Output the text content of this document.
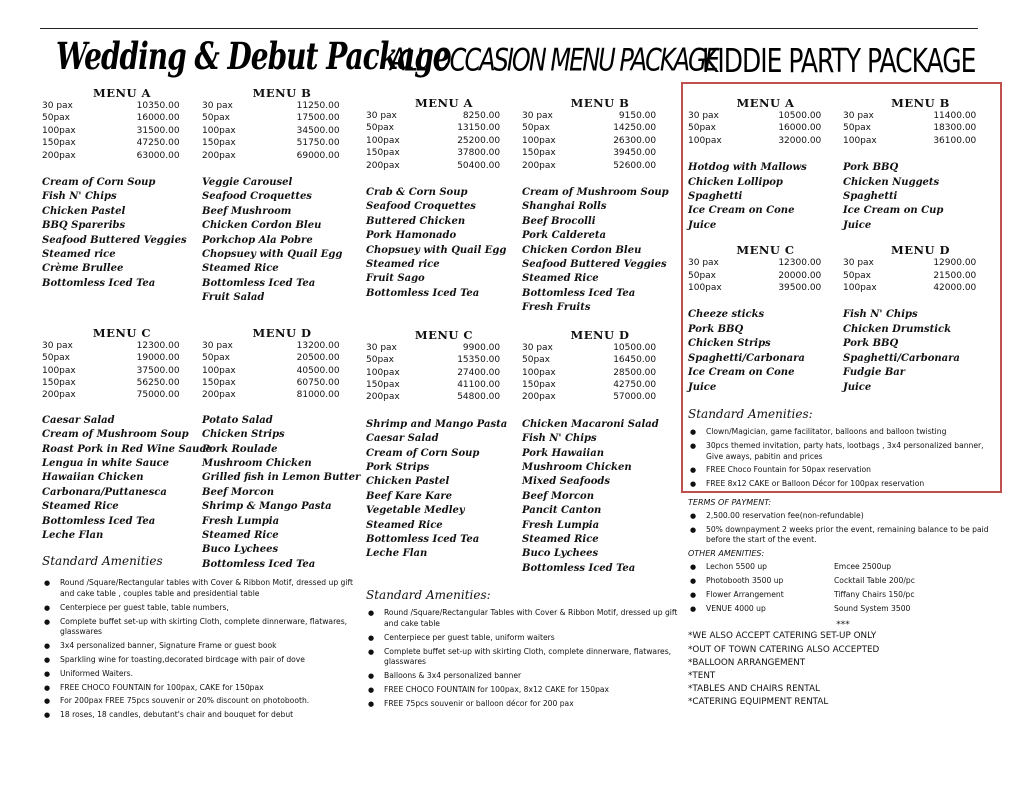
Wedding & Debut Package
MENU A
30 pax	10350.00
50pax	16000.00
100pax	31500.00
150pax	47250.00
200pax	63000.00
MENU B
30 pax	11250.00
50pax	17500.00
100pax	34500.00
150pax	51750.00
200pax	69000.00
Cream of Corn Soup
Fish N' Chips
Chicken Pastel
BBQ Spareribs
Seafood Buttered Veggies
Steamed rice
Crème Brullee
Bottomless Iced Tea
Veggie Carousel
Seafood Croquettes
Beef Mushroom
Chicken Cordon Bleu
Porkchop Ala Pobre
Chopsuey with Quail Egg
Steamed Rice
Bottomless Iced Tea
Fruit Salad
MENU C
30 pax	12300.00
50pax	19000.00
100pax	37500.00
150pax	56250.00
200pax	75000.00
MENU D
30 pax	13200.00
50pax	20500.00
100pax	40500.00
150pax	60750.00
200pax	81000.00
Caesar Salad
Cream of Mushroom Soup
Roast Pork in Red Wine Sauce
Lengua in white Sauce
Hawaiian Chicken
Carbonara/Puttanesca
Steamed Rice
Bottomless Iced Tea
Leche Flan
Potato Salad
Chicken Strips
Pork Roulade
Mushroom Chicken
Grilled fish in Lemon Butter
Beef Morcon
Shrimp & Mango Pasta
Fresh Lumpia
Steamed Rice
Buco Lychees
Bottomless Iced Tea
Standard Amenities
● Round /Square/Rectangular tables with Cover & Ribbon Motif, dressed up gift and cake table , couples table and presidential table
● Centerpiece per guest table, table numbers,
● Complete buffet set-up with skirting Cloth, complete dinnerware, flatwares, glasswares
● 3x4 personalized banner, Signature Frame or guest book
● Sparkling wine for toasting,decorated birdcage with pair of dove
● Uniformed Waiters.
● FREE CHOCO FOUNTAIN for 100pax, CAKE for 150pax
● For 200pax FREE 75pcs souvenir or 20% discount on photobooth.
● 18 roses, 18 candles, debutant's chair and bouquet for debut
ALL OCCASION MENU PACKAGE
MENU A
30 pax	8250.00
50pax	13150.00
100pax	25200.00
150pax	37800.00
200pax	50400.00
MENU B
30 pax	9150.00
50pax	14250.00
100pax	26300.00
150pax	39450.00
200pax	52600.00
Crab & Corn Soup
Seafood Croquettes
Buttered Chicken
Pork Hamonado
Chopsuey with Quail Egg
Steamed rice
Fruit Sago
Bottomless Iced Tea
Cream of Mushroom Soup
Shanghai Rolls
Beef Brocolli
Pork Caldereta
Chicken Cordon Bleu
Seafood Buttered Veggies
Steamed Rice
Bottomless Iced Tea
Fresh Fruits
MENU C
30 pax	9900.00
50pax	15350.00
100pax	27400.00
150pax	41100.00
200pax	54800.00
MENU D
30 pax	10500.00
50pax	16450.00
100pax	28500.00
150pax	42750.00
200pax	57000.00
Shrimp and Mango Pasta
Caesar Salad
Cream of Corn Soup
Pork Strips
Chicken Pastel
Beef Kare Kare
Vegetable Medley
Steamed Rice
Bottomless Iced Tea
Leche Flan
Chicken Macaroni Salad
Fish N' Chips
Pork Hawaiian
Mushroom Chicken
Mixed Seafoods
Beef Morcon
Pancit Canton
Fresh Lumpia
Steamed Rice
Buco Lychees
Bottomless Iced Tea
Standard Amenities:
● Round /Square/Rectangular Tables with Cover & Ribbon Motif, dressed up gift and cake table
● Centerpiece per guest table, uniform waiters
● Complete buffet set-up with skirting Cloth, complete dinnerware, flatwares, glasswares
● Balloons & 3x4 personalized banner
● FREE CHOCO FOUNTAIN for 100pax, 8x12 CAKE for 150pax
● FREE 75pcs souvenir or balloon décor for 200 pax
KIDDIE PARTY PACKAGE
MENU A
30 pax	10500.00
50pax	16000.00
100pax	32000.00
MENU B
30 pax	11400.00
50pax	18300.00
100pax	36100.00
Hotdog with Mallows
Chicken Lollipop
Spaghetti
Ice Cream on Cone
Juice
Pork BBQ
Chicken Nuggets
Spaghetti
Ice Cream on Cup
Juice
MENU C
30 pax	12300.00
50pax	20000.00
100pax	39500.00
MENU D
30 pax	12900.00
50pax	21500.00
100pax	42000.00
Cheeze sticks
Pork BBQ
Chicken Strips
Spaghetti/Carbonara
Ice Cream on Cone
Juice
Fish N' Chips
Chicken Drumstick
Pork BBQ
Spaghetti/Carbonara
Fudgie Bar
Juice
Standard Amenities:
● Clown/Magician, game facilitator, balloons and balloon twisting
● 30pcs themed invitation, party hats, lootbags , 3x4 personalized banner, Give aways, pabitin and prices
● FREE Choco Fountain for 50pax reservation
● FREE 8x12 CAKE or Balloon Décor for 100pax reservation
TERMS OF PAYMENT:
● 2,500.00 reservation fee(non-refundable)
● 50% downpayment 2 weeks prior the event, remaining balance to be paid before the start of the event.
OTHER AMENITIES:
● Lechon 5500 up	Emcee 2500up
● Photobooth 3500 up	Cocktail Table 200/pc
● Flower Arrangement	Tiffany Chairs 150/pc
● VENUE 4000 up	Sound System 3500
***
*WE ALSO ACCEPT CATERING SET-UP ONLY
*OUT OF TOWN CATERING ALSO ACCEPTED
*BALLOON ARRANGEMENT
*TENT
*TABLES AND CHAIRS RENTAL
*CATERING EQUIPMENT RENTAL
